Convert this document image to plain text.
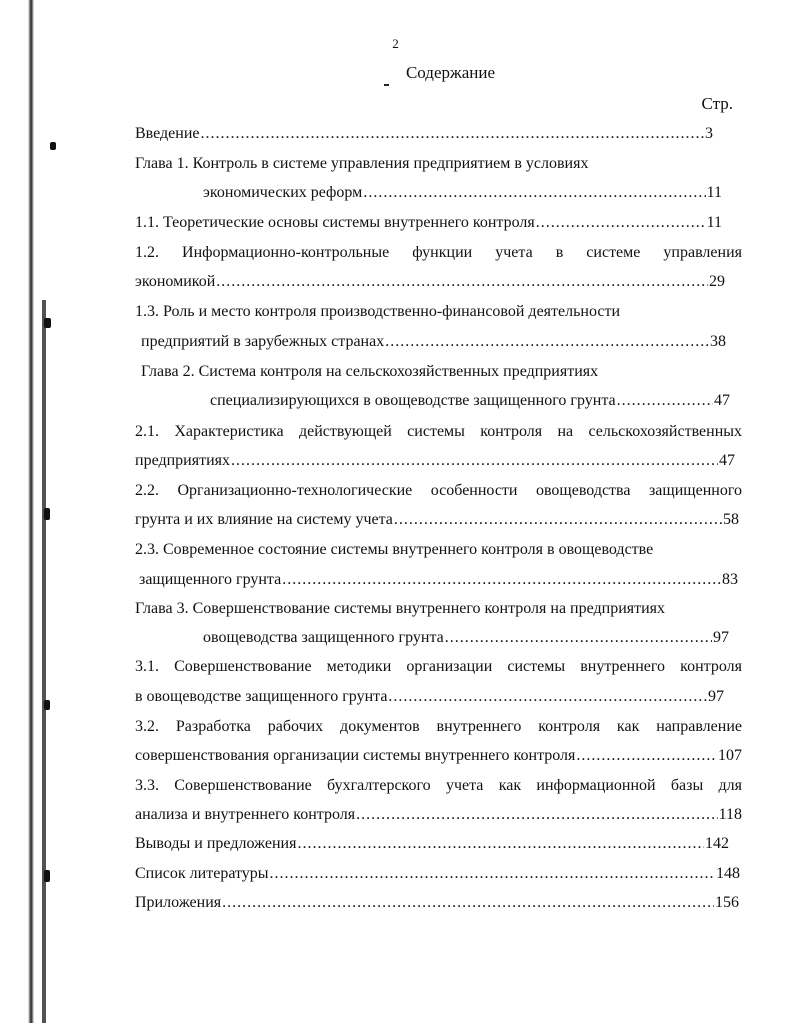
2
Содержание
Стр.
Введение .....	3
Глава 1. Контроль в системе управления предприятием в условиях
экономических реформ .....	11
1.1. Теоретические основы системы внутреннего контроля .....	11
1.2. Информационно-контрольные функции учета в системе управления
экономикой .....	29
1.3. Роль и место контроля производственно-финансовой деятельности
предприятий в зарубежных странах .....	38
Глава 2. Система контроля на сельскохозяйственных предприятиях
специализирующихся в овощеводстве защищенного грунта .....	47
2.1. Характеристика действующей системы контроля на сельскохозяйственных
предприятиях .....	47
2.2. Организационно-технологические особенности овощеводства защищенного
грунта и их влияние на систему учета .....	58
2.3. Современное состояние системы внутреннего контроля в овощеводстве
защищенного грунта .....	83
Глава 3. Совершенствование системы внутреннего контроля на предприятиях
овощеводства защищенного грунта .....	97
3.1. Совершенствование методики организации системы внутреннего контроля
в овощеводстве защищенного грунта .....	97
3.2. Разработка рабочих документов внутреннего контроля как направление
совершенствования организации системы внутреннего контроля .....	107
3.3. Совершенствование бухгалтерского учета как информационной базы для
анализа и внутреннего контроля .....	118
Выводы и предложения .....	142
Список литературы .....	148
Приложения .....	156
